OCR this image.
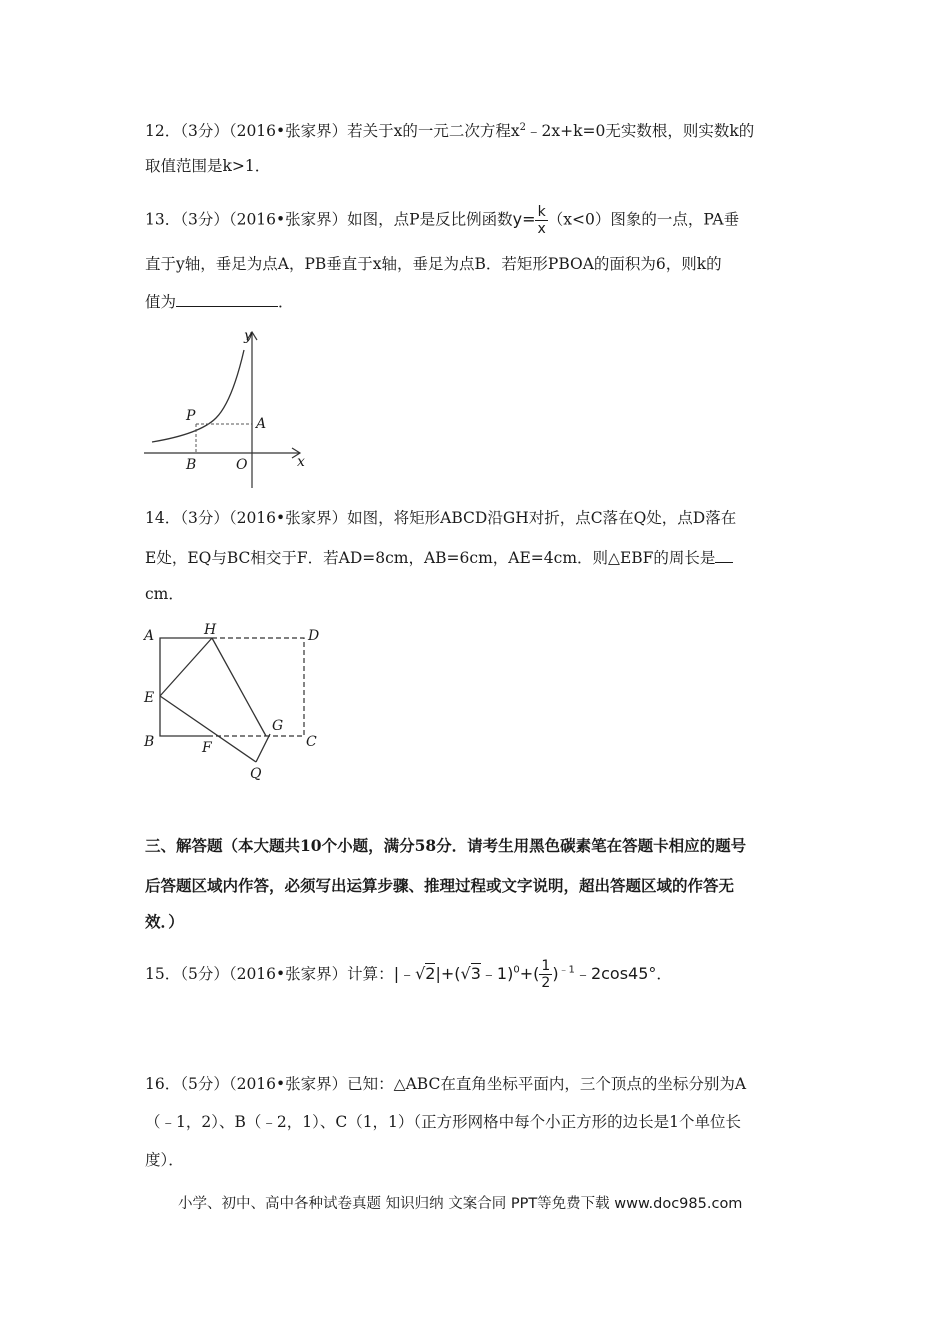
12．（3分）（2016•张家界）若关于x的一元二次方程$x^2﹣2x+k=0$无实数根，则实数k的
取值范围是k>1．
13．（3分）（2016•张家界）如图，点P是反比例函数$y= \frac{k}{x} (x<0)$图象的一点，PA垂
直于y轴，垂足为点A，PB垂直于x轴，垂足为点B．若矩形PBOA的面积为6，则k的
值为	．
y
x
P	A
B	O
14．（3分）（2016•张家界）如图，将矩形ABCD沿GH对折，点C落在Q处，点D落在
E处，EQ与BC相交于F．若AD=8cm，AB=6cm，AE=4cm．则△EBF的周长是
cm．
A	H	D
E
B	F
G
C
Q
三、解答题（本大题共10个小题，满分58分．请考生用黑色碳素笔在答题卡相应的题号
后答题区域内作答，必须写出运算步骤、推理过程或文字说明，超出答题区域的作答无
效．）
15．（5分）（2016•张家界）计算：|﹣√2|+(√3﹣1)$^0$+( $\frac{1}{2}$ )$^{﹣1}$﹣2cos45°．
16．（5分）（2016•张家界）已知：△ABC在直角坐标平面内，三个顶点的坐标分别为A
（﹣1，2）、B（﹣2，1）、C（1，1）（正方形网格中每个小正方形的边长是1个单位长
度）．
小学、初中、高中各种试卷真题 知识归纳 文案合同 PPT等免费下载 www.doc985.com
